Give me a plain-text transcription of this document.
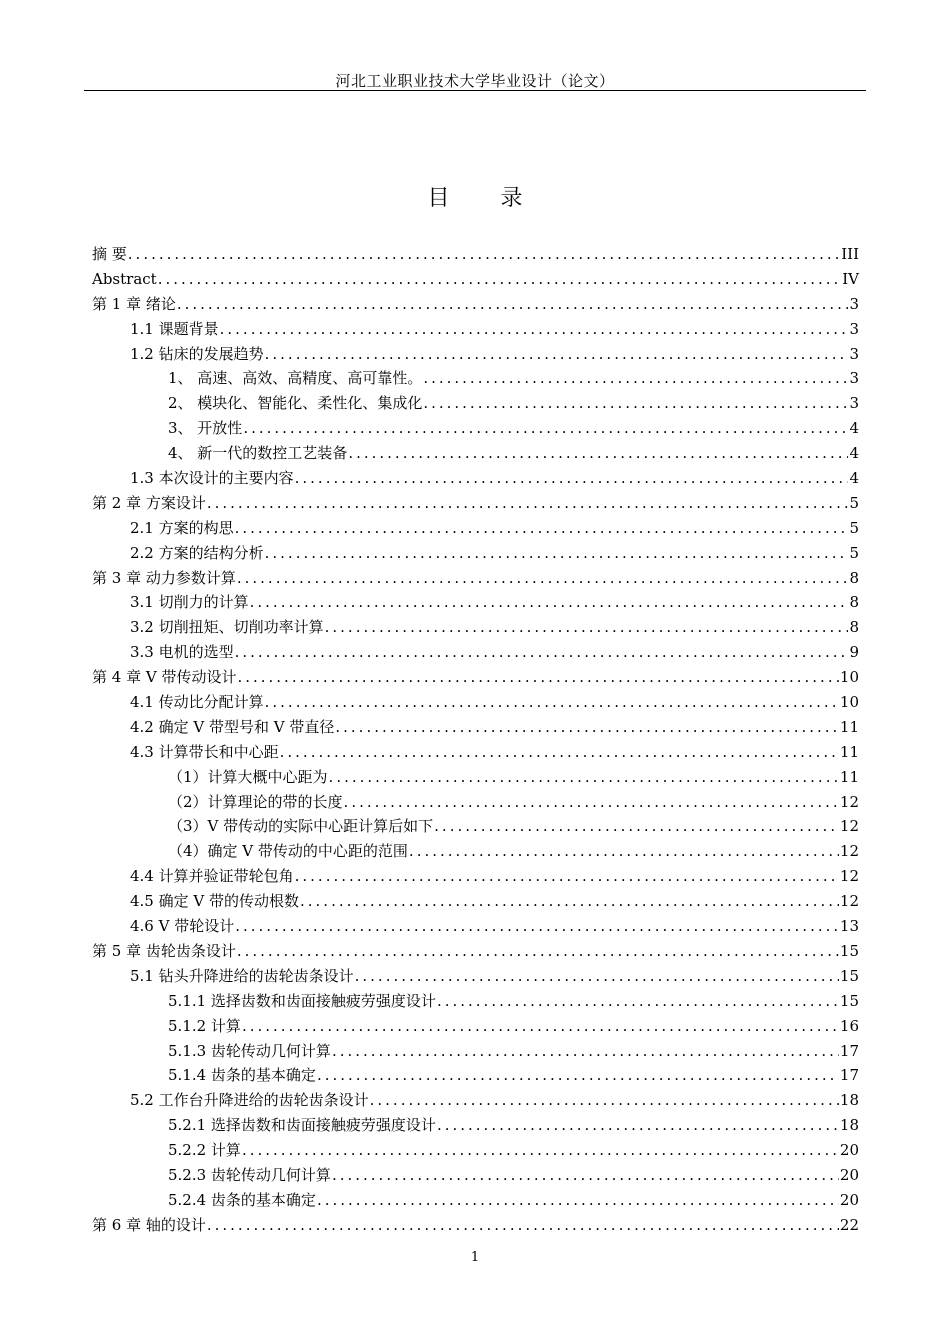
河北工业职业技术大学毕业设计（论文）
目 录
摘 要 .....	III
Abstract .....	IV
第 1 章 绪论 .....	3
1.1 课题背景 .....	3
1.2 钻床的发展趋势 .....	3
1、 高速、高效、高精度、高可靠性。 .....	3
2、 模块化、智能化、柔性化、集成化 .....	3
3、 开放性 .....	4
4、 新一代的数控工艺装备 .....	4
1.3 本次设计的主要内容 .....	4
第 2 章 方案设计 .....	5
2.1 方案的构思 .....	5
2.2 方案的结构分析 .....	5
第 3 章 动力参数计算 .....	8
3.1 切削力的计算 .....	8
3.2 切削扭矩、切削功率计算 .....	8
3.3 电机的选型 .....	9
第 4 章 V 带传动设计 .....	10
4.1 传动比分配计算 .....	10
4.2 确定 V 带型号和 V 带直径 .....	11
4.3 计算带长和中心距 .....	11
（1）计算大概中心距为 .....	11
（2）计算理论的带的长度 .....	12
（3）V 带传动的实际中心距计算后如下 .....	12
（4）确定 V 带传动的中心距的范围 .....	12
4.4 计算并验证带轮包角 .....	12
4.5 确定 V 带的传动根数 .....	12
4.6 V 带轮设计 .....	13
第 5 章 齿轮齿条设计 .....	15
5.1 钻头升降进给的齿轮齿条设计 .....	15
5.1.1 选择齿数和齿面接触疲劳强度设计 .....	15
5.1.2 计算 .....	16
5.1.3 齿轮传动几何计算 .....	17
5.1.4 齿条的基本确定 .....	17
5.2 工作台升降进给的齿轮齿条设计 .....	18
5.2.1 选择齿数和齿面接触疲劳强度设计 .....	18
5.2.2 计算 .....	20
5.2.3 齿轮传动几何计算 .....	20
5.2.4 齿条的基本确定 .....	20
第 6 章 轴的设计 .....	22
1
